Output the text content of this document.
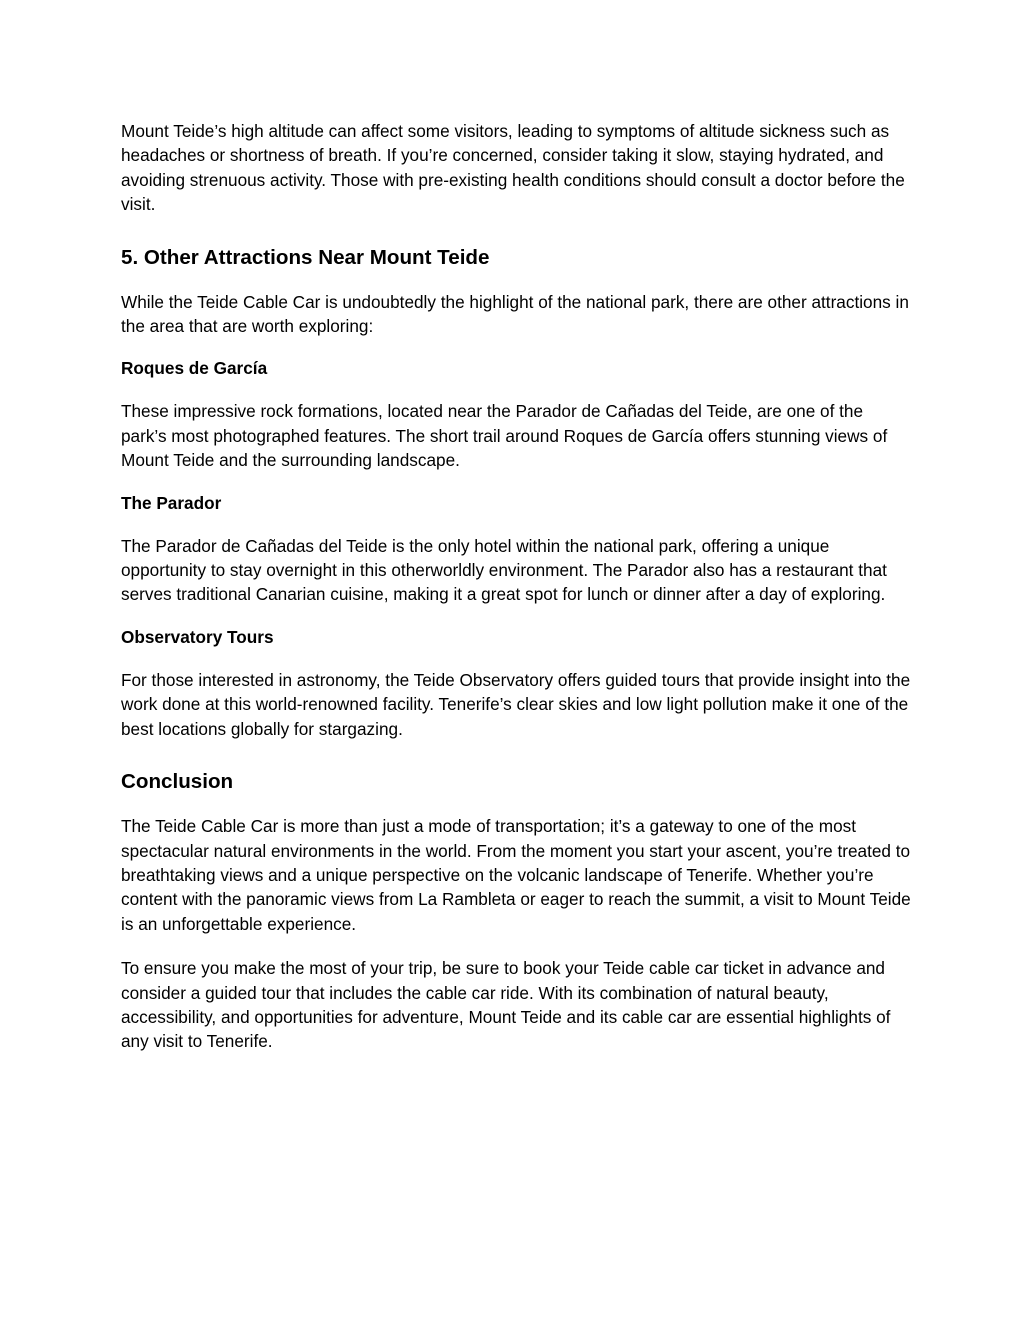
Mount Teide’s high altitude can affect some visitors, leading to symptoms of altitude sickness such as headaches or shortness of breath. If you’re concerned, consider taking it slow, staying hydrated, and avoiding strenuous activity. Those with pre-existing health conditions should consult a doctor before the visit.

5. Other Attractions Near Mount Teide

While the Teide Cable Car is undoubtedly the highlight of the national park, there are other attractions in the area that are worth exploring:

Roques de García

These impressive rock formations, located near the Parador de Cañadas del Teide, are one of the park’s most photographed features. The short trail around Roques de García offers stunning views of Mount Teide and the surrounding landscape.

The Parador

The Parador de Cañadas del Teide is the only hotel within the national park, offering a unique opportunity to stay overnight in this otherworldly environment. The Parador also has a restaurant that serves traditional Canarian cuisine, making it a great spot for lunch or dinner after a day of exploring.

Observatory Tours

For those interested in astronomy, the Teide Observatory offers guided tours that provide insight into the work done at this world-renowned facility. Tenerife’s clear skies and low light pollution make it one of the best locations globally for stargazing.

Conclusion

The Teide Cable Car is more than just a mode of transportation; it’s a gateway to one of the most spectacular natural environments in the world. From the moment you start your ascent, you’re treated to breathtaking views and a unique perspective on the volcanic landscape of Tenerife. Whether you’re content with the panoramic views from La Rambleta or eager to reach the summit, a visit to Mount Teide is an unforgettable experience.

To ensure you make the most of your trip, be sure to book your Teide cable car ticket in advance and consider a guided tour that includes the cable car ride. With its combination of natural beauty, accessibility, and opportunities for adventure, Mount Teide and its cable car are essential highlights of any visit to Tenerife.
